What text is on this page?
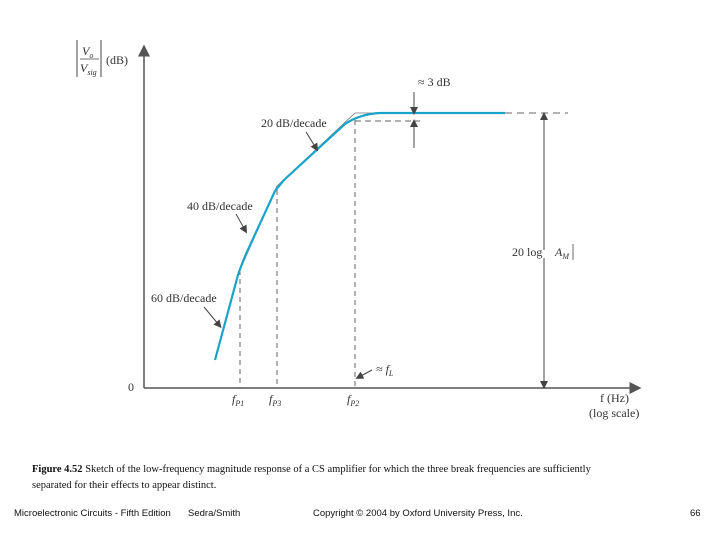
$V_o$
$V_{sig}$
(dB)
0
≈ 3 dB
20 $\log A_M$
20 dB/decade
40 dB/decade
60 dB/decade
≈ $f_L$
$f_{P1}$ $f_{P3}$	$f_{P2}$	f (Hz)
(log scale)
Figure 4.52 Sketch of the low-frequency magnitude response of a CS amplifier for which the three break frequencies are sufficiently separated for their effects to appear distinct.
Microelectronic Circuits - Fifth Edition Sedra/Smith	Copyright © 2004 by Oxford University Press, Inc.	66
